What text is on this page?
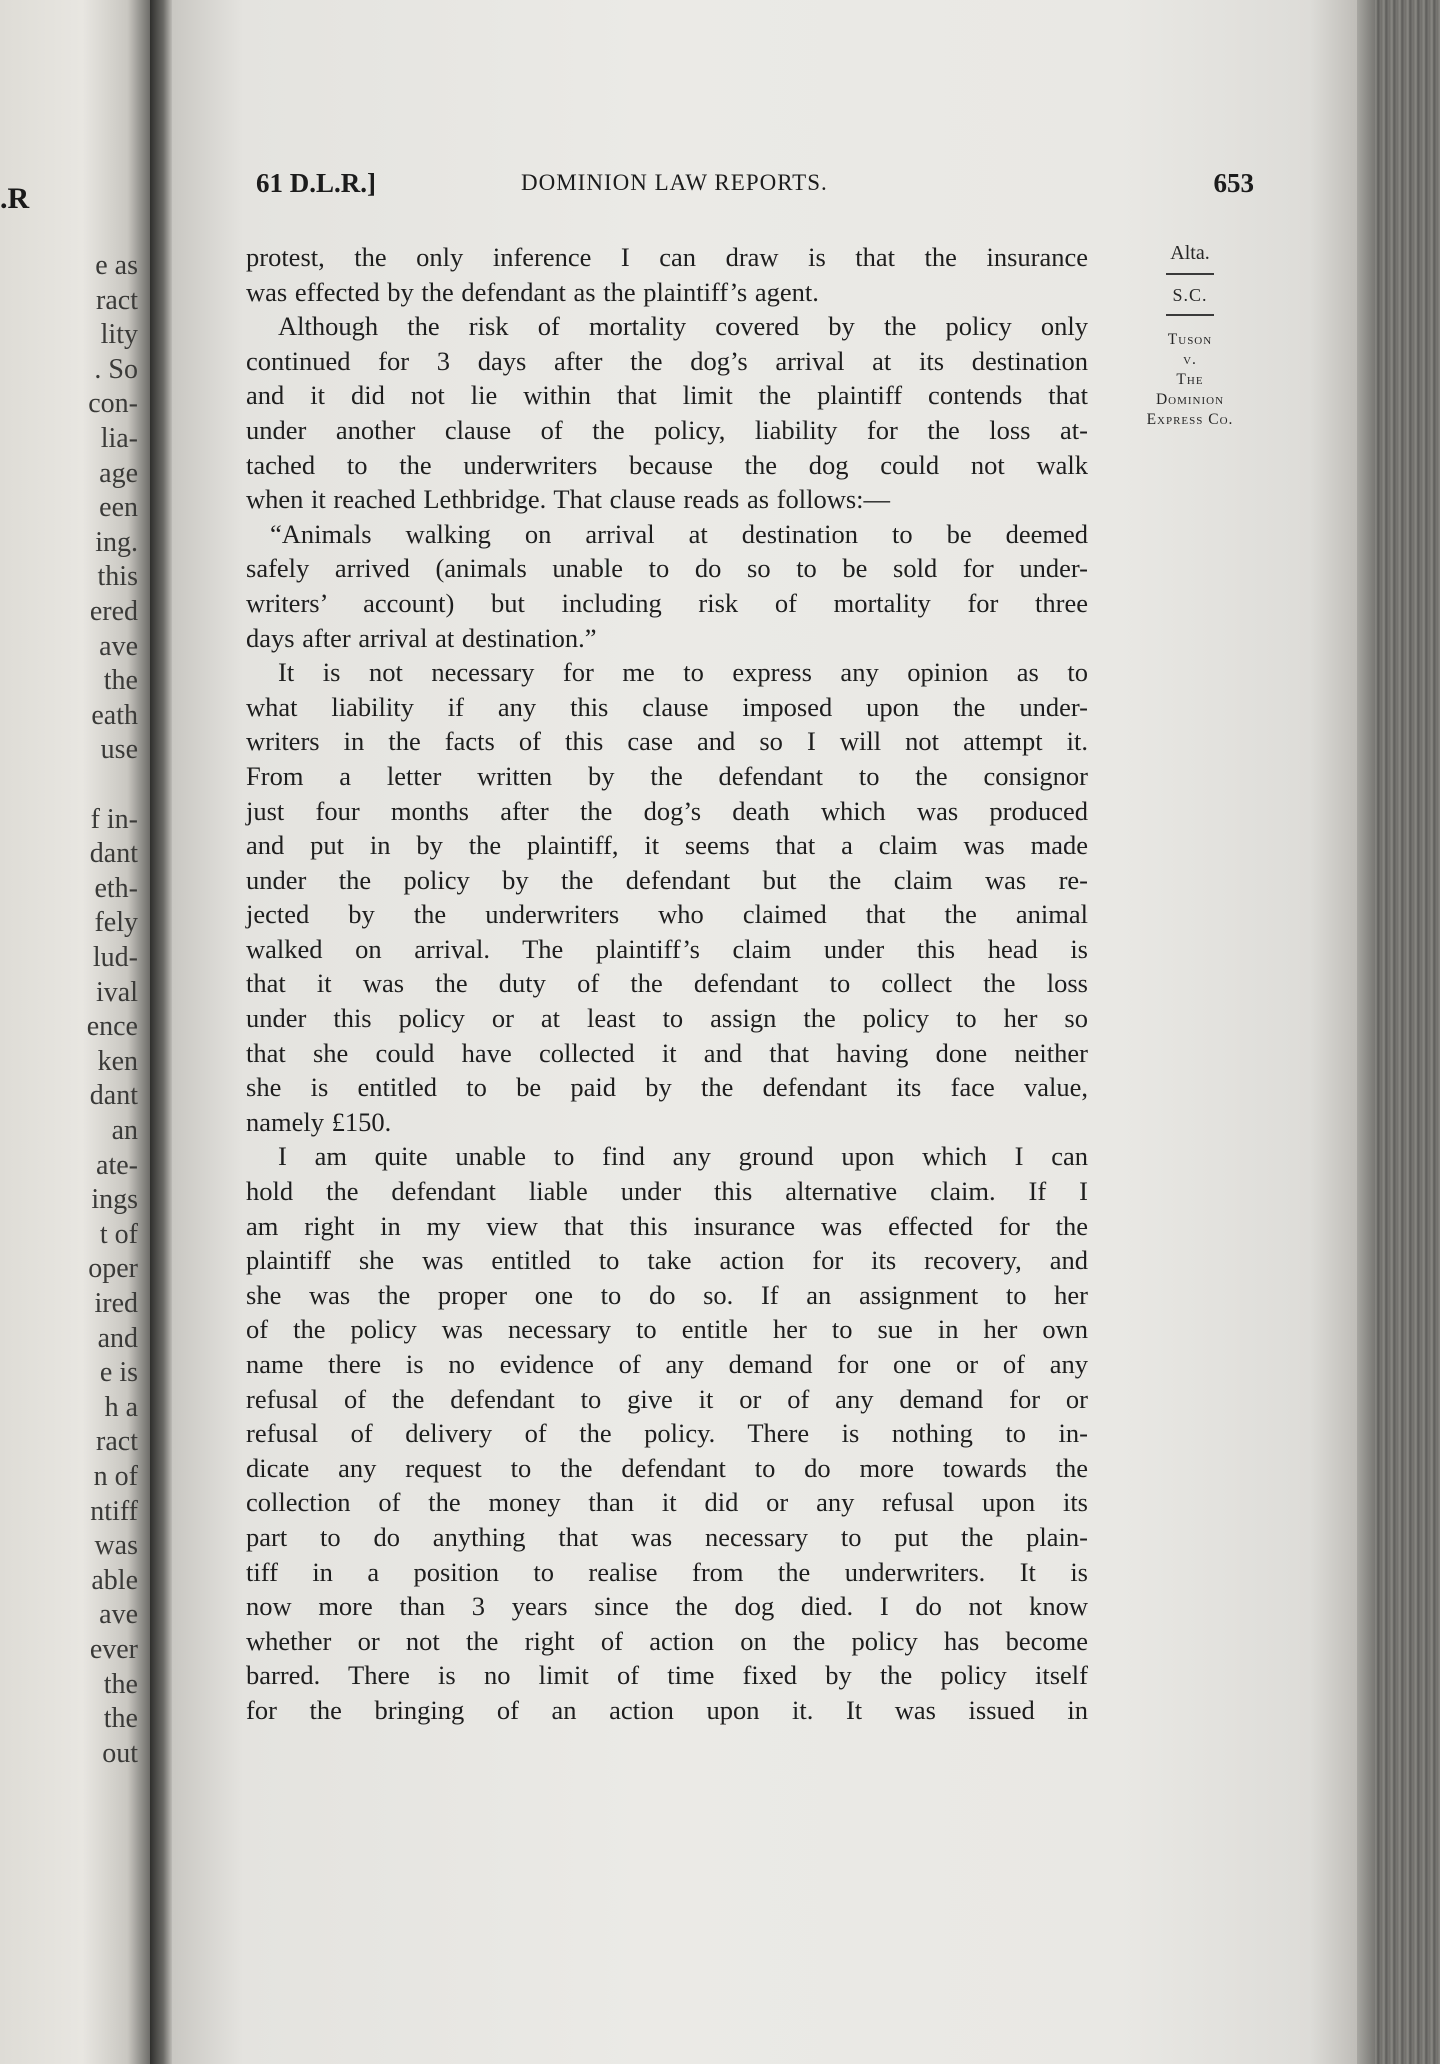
.R
e as
ract
lity
. So
con-
lia-
age
een
ing.
this
ered
ave
the
eath
use
f in-
dant
eth-
fely
lud-
ival
ence
ken
dant
an
ate-
ings
t of
oper
ired
and
e is
h a
ract
n of
ntiff
was
able
ave
ever
the
the
out
61 D.L.R.]	DOMINION LAW REPORTS.	653
Alta.
S.C.
Tuson
v.
The
Dominion
Express Co.
protest, the only inference I can draw is that the insurance
was effected by the defendant as the plaintiff’s agent.
Although the risk of mortality covered by the policy only
continued for 3 days after the dog’s arrival at its destination
and it did not lie within that limit the plaintiff contends that
under another clause of the policy, liability for the loss at-
tached to the underwriters because the dog could not walk
when it reached Lethbridge. That clause reads as follows:—
“Animals walking on arrival at destination to be deemed
safely arrived (animals unable to do so to be sold for under-
writers’ account) but including risk of mortality for three
days after arrival at destination.”
It is not necessary for me to express any opinion as to
what liability if any this clause imposed upon the under-
writers in the facts of this case and so I will not attempt it.
From a letter written by the defendant to the consignor
just four months after the dog’s death which was produced
and put in by the plaintiff, it seems that a claim was made
under the policy by the defendant but the claim was re-
jected by the underwriters who claimed that the animal
walked on arrival. The plaintiff’s claim under this head is
that it was the duty of the defendant to collect the loss
under this policy or at least to assign the policy to her so
that she could have collected it and that having done neither
she is entitled to be paid by the defendant its face value,
namely £150.
I am quite unable to find any ground upon which I can
hold the defendant liable under this alternative claim. If I
am right in my view that this insurance was effected for the
plaintiff she was entitled to take action for its recovery, and
she was the proper one to do so. If an assignment to her
of the policy was necessary to entitle her to sue in her own
name there is no evidence of any demand for one or of any
refusal of the defendant to give it or of any demand for or
refusal of delivery of the policy. There is nothing to in-
dicate any request to the defendant to do more towards the
collection of the money than it did or any refusal upon its
part to do anything that was necessary to put the plain-
tiff in a position to realise from the underwriters. It is
now more than 3 years since the dog died. I do not know
whether or not the right of action on the policy has become
barred. There is no limit of time fixed by the policy itself
for the bringing of an action upon it. It was issued in
